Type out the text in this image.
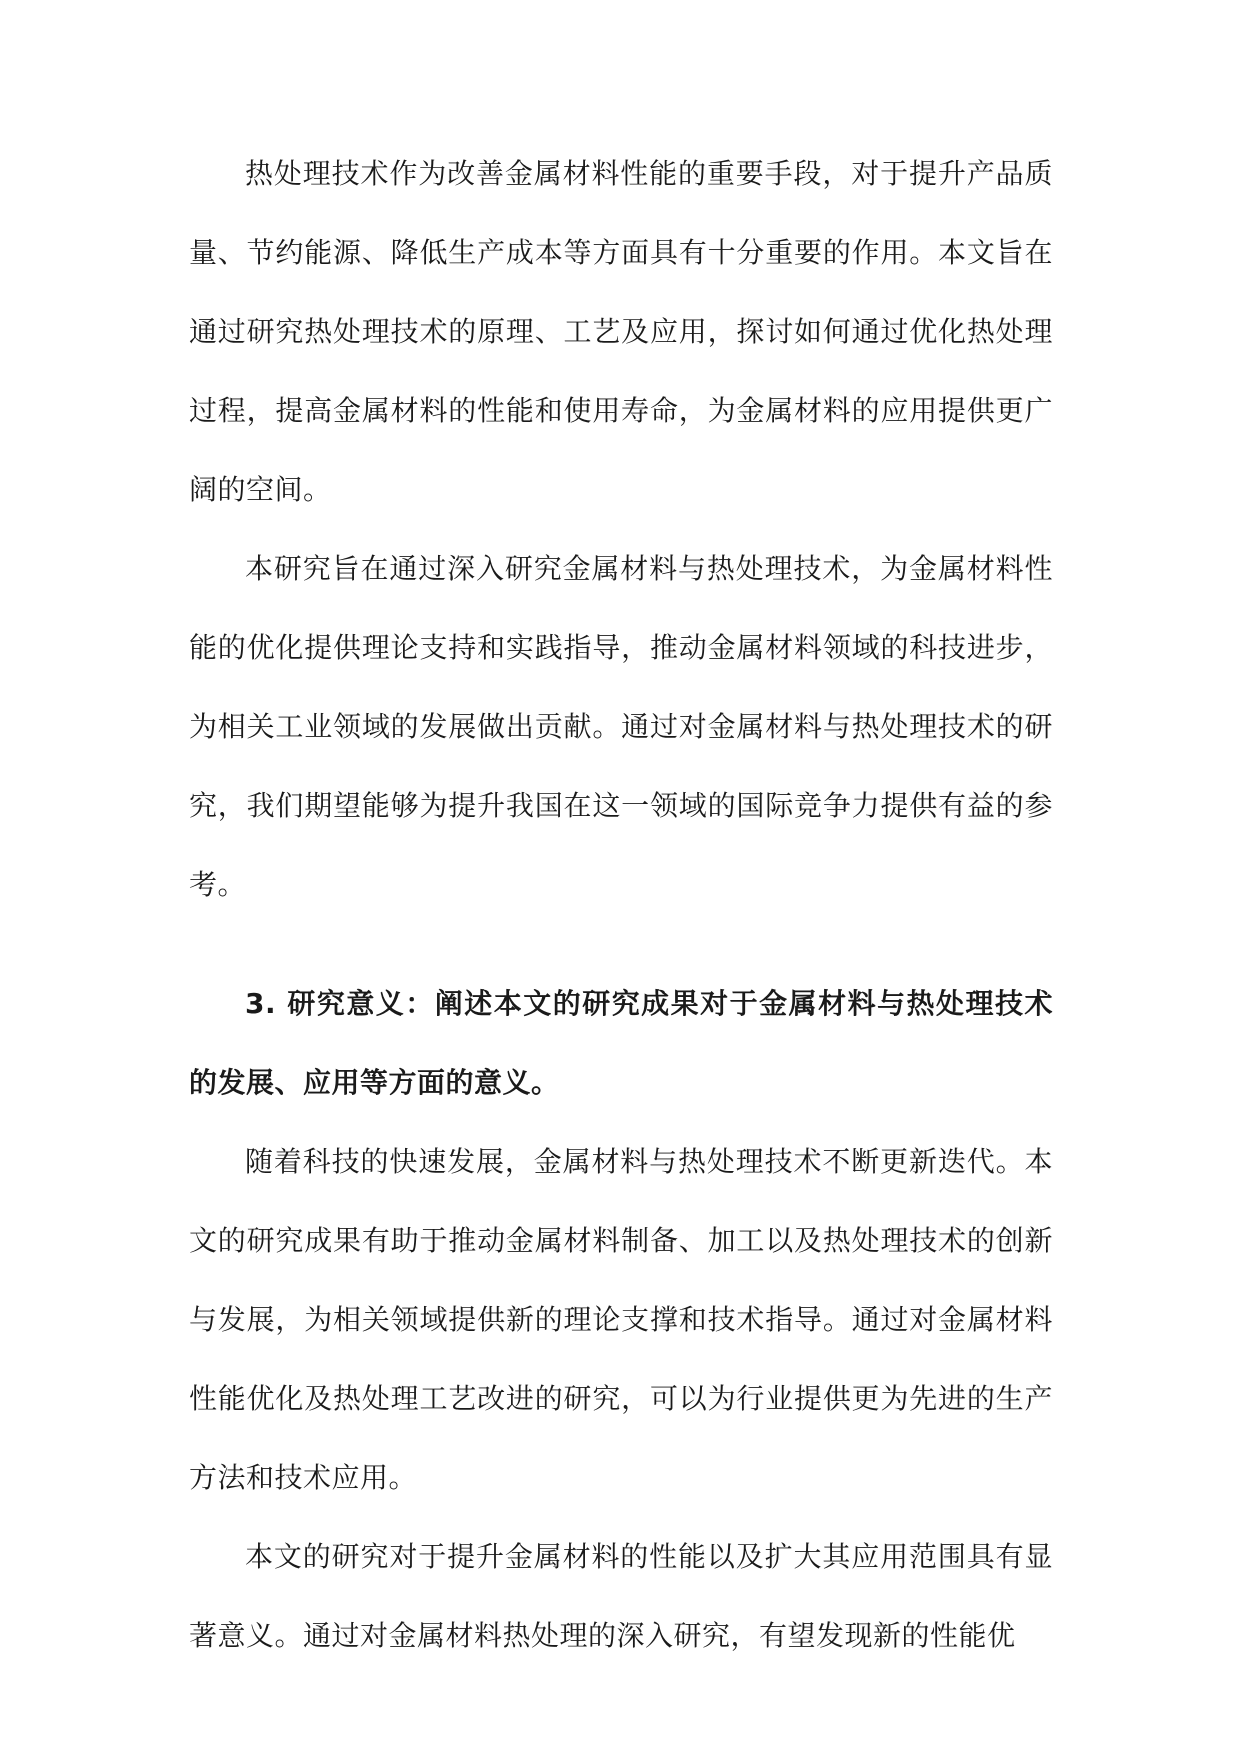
热处理技术作为改善金属材料性能的重要手段，对于提升产品质量、节约能源、降低生产成本等方面具有十分重要的作用。本文旨在通过研究热处理技术的原理、工艺及应用，探讨如何通过优化热处理过程，提高金属材料的性能和使用寿命，为金属材料的应用提供更广阔的空间。

本研究旨在通过深入研究金属材料与热处理技术，为金属材料性能的优化提供理论支持和实践指导，推动金属材料领域的科技进步，为相关工业领域的发展做出贡献。通过对金属材料与热处理技术的研究，我们期望能够为提升我国在这一领域的国际竞争力提供有益的参考。

3. 研究意义：阐述本文的研究成果对于金属材料与热处理技术的发展、应用等方面的意义。

随着科技的快速发展，金属材料与热处理技术不断更新迭代。本文的研究成果有助于推动金属材料制备、加工以及热处理技术的创新与发展，为相关领域提供新的理论支撑和技术指导。通过对金属材料性能优化及热处理工艺改进的研究，可以为行业提供更为先进的生产方法和技术应用。

本文的研究对于提升金属材料的性能以及扩大其应用范围具有显著意义。通过对金属材料热处理的深入研究，有望发现新的性能优
